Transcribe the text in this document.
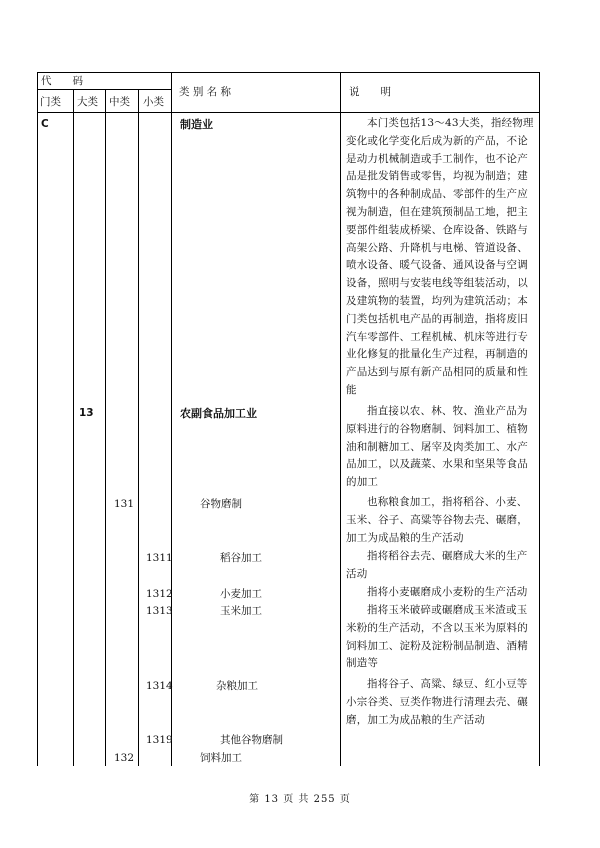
代　　码
门类 大类 中类 小类
类 别 名 称	说　　明
C	制造业	本门类包括13～43大类，指经物理变化或化学变化后成为新的产品，不论是动力机械制造或手工制作，也不论产品是批发销售或零售，均视为制造；建筑物中的各种制成品、零部件的生产应视为制造，但在建筑预制品工地，把主要部件组装成桥梁、仓库设备、铁路与高架公路、升降机与电梯、管道设备、喷水设备、暖气设备、通风设备与空调设备，照明与安装电线等组装活动，以及建筑物的装置，均列为建筑活动；本门类包括机电产品的再制造，指将废旧汽车零部件、工程机械、机床等进行专业化修复的批量化生产过程，再制造的产品达到与原有新产品相同的质量和性能
13	农副食品加工业	指直接以农、林、牧、渔业产品为原料进行的谷物磨制、饲料加工、植物油和制糖加工、屠宰及肉类加工、水产品加工，以及蔬菜、水果和坚果等食品的加工
131	谷物磨制	也称粮食加工，指将稻谷、小麦、玉米、谷子、高粱等谷物去壳、碾磨，加工为成品粮的生产活动
1311	稻谷加工	指将稻谷去壳、碾磨成大米的生产活动
1312	小麦加工	指将小麦碾磨成小麦粉的生产活动
1313	玉米加工	指将玉米破碎或碾磨成玉米渣或玉米粉的生产活动，不含以玉米为原料的饲料加工、淀粉及淀粉制品制造、酒精制造等
1314	杂粮加工	指将谷子、高粱、绿豆、红小豆等小宗谷类、豆类作物进行清理去壳、碾磨，加工为成品粮的生产活动
1319	其他谷物磨制
132	饲料加工
第 13 页 共 255 页
